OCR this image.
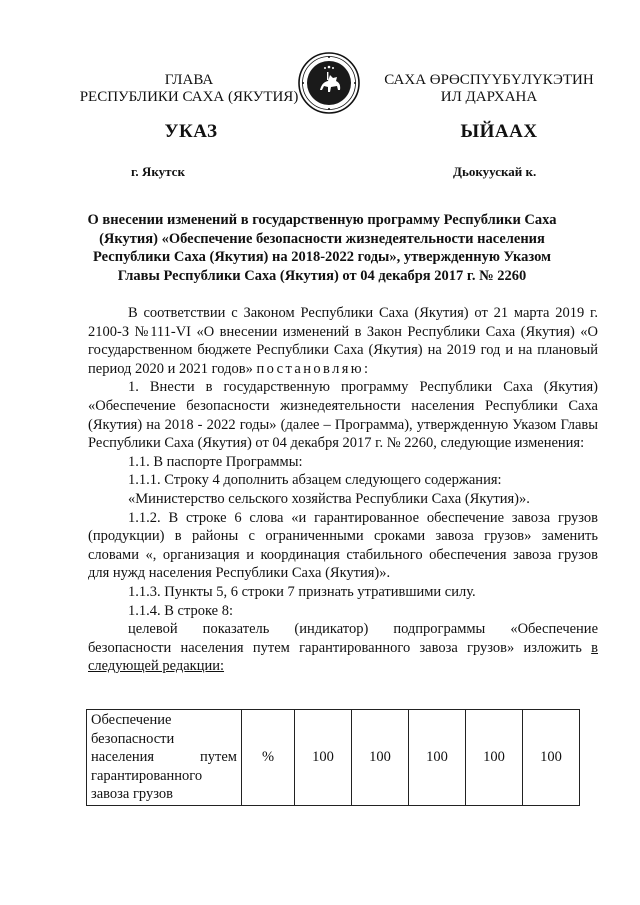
ГЛАВА
РЕСПУБЛИКИ САХА (ЯКУТИЯ)
САХА ӨРӨСПҮҮБҮЛҮКЭТИН
ИЛ ДАРХАНА
УКАЗ	ЫЙААХ
г. Якутск	Дьокуускай к.
О внесении изменений в государственную программу Республики Саха (Якутия) «Обеспечение безопасности жизнедеятельности населения Республики Саха (Якутия) на 2018-2022 годы», утвержденную Указом Главы Республики Саха (Якутия) от 04 декабря 2017 г. № 2260

В соответствии с Законом Республики Саха (Якутия) от 21 марта 2019 г. 2100-З №111-VI «О внесении изменений в Закон Республики Саха (Якутия) «О государственном бюджете Республики Саха (Якутия) на 2019 год и на плановый период 2020 и 2021 годов» постановляю:

1. Внести в государственную программу Республики Саха (Якутия) «Обеспечение безопасности жизнедеятельности населения Республики Саха (Якутия) на 2018 - 2022 годы» (далее – Программа), утвержденную Указом Главы Республики Саха (Якутия) от 04 декабря 2017 г. № 2260, следующие изменения:

1.1. В паспорте Программы:

1.1.1. Строку 4 дополнить абзацем следующего содержания:

«Министерство сельского хозяйства Республики Саха (Якутия)».

1.1.2. В строке 6 слова «и гарантированное обеспечение завоза грузов (продукции) в районы с ограниченными сроками завоза грузов» заменить словами «, организация и координация стабильного обеспечения завоза грузов для нужд населения Республики Саха (Якутия)».

1.1.3. Пункты 5, 6 строки 7 признать утратившими силу.

1.1.4. В строке 8:

целевой показатель (индикатор) подпрограммы «Обеспечение безопасности населения путем гарантированного завоза грузов» изложить в следующей редакции:

Обеспечение безопасности населения путем гарантированного завоза грузов	%	100	100	100	100	100
